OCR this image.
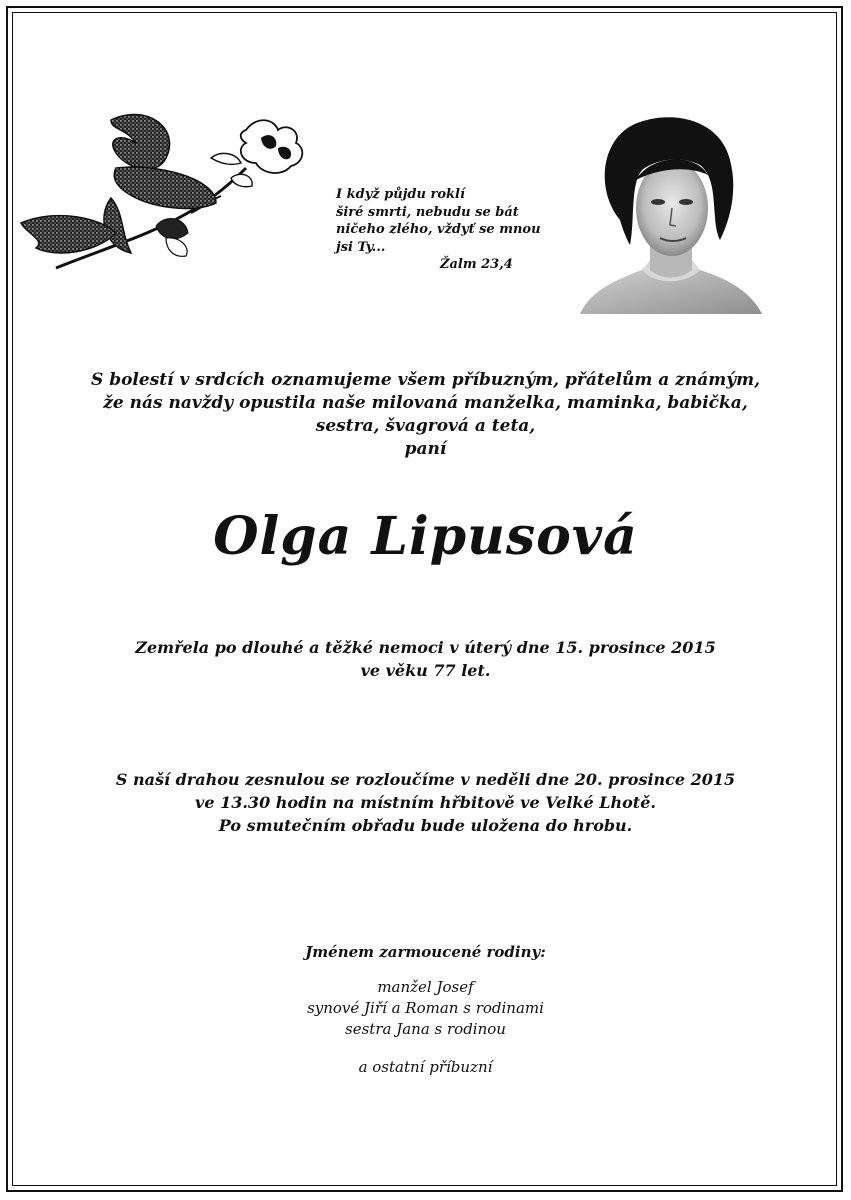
I když půjdu roklí
širé smrti, nebudu se bát
ničeho zlého, vždyť se mnou
jsi Ty...
Žalm 23,4
S bolestí v srdcích oznamujeme všem příbuzným, přátelům a známým,
že nás navždy opustila naše milovaná manželka, maminka, babička,
sestra, švagrová a teta,
paní
Olga Lipusová
Zemřela po dlouhé a těžké nemoci v úterý dne 15. prosince 2015
ve věku 77 let.
S naší drahou zesnulou se rozloučíme v neděli dne 20. prosince 2015
ve 13.30 hodin na místním hřbitově ve Velké Lhotě.
Po smutečním obřadu bude uložena do hrobu.
Jménem zarmoucené rodiny:
manžel Josef
synové Jiří a Roman s rodinami
sestra Jana s rodinou
a ostatní příbuzní
